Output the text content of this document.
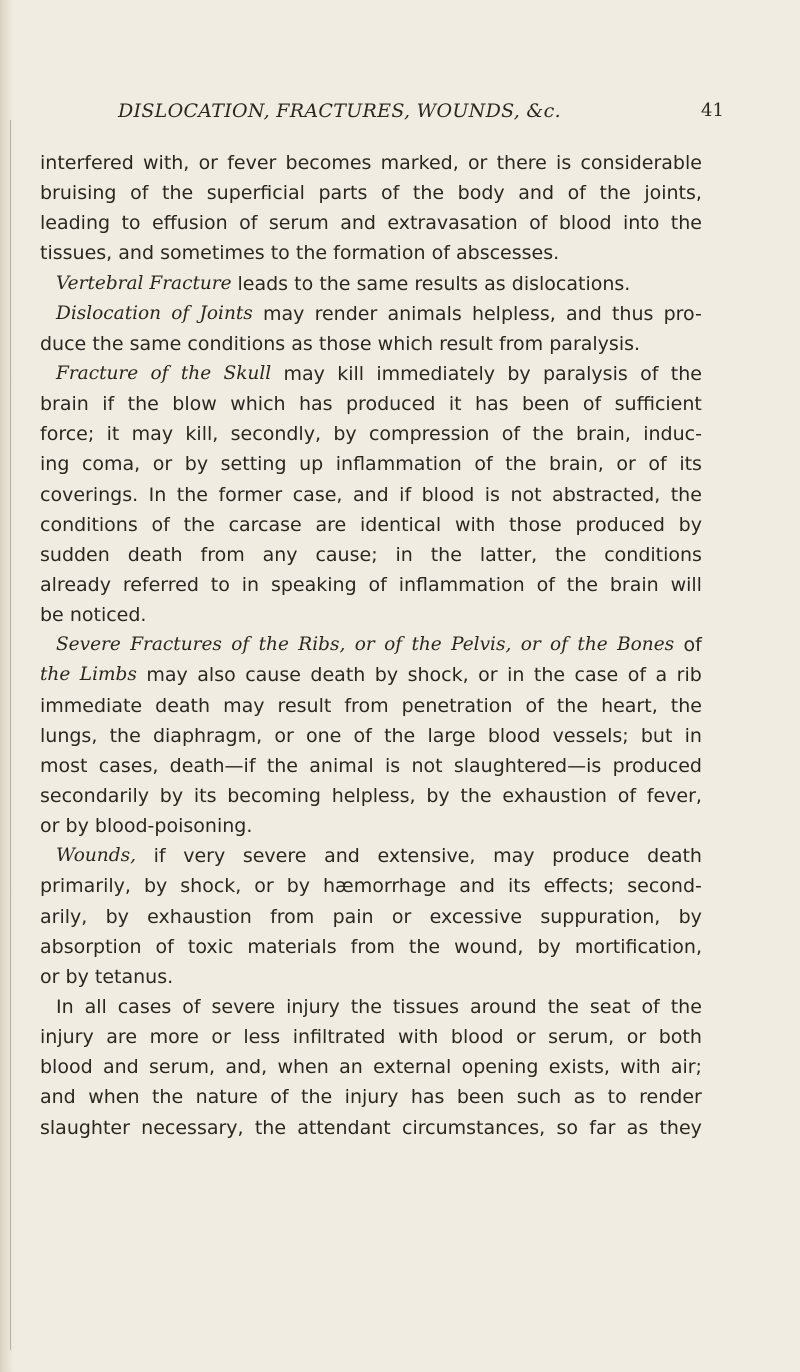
DISLOCATION, FRACTURES, WOUNDS, &c.	41
interfered with, or fever becomes marked, or there is considerable
bruising of the superficial parts of the body and of the joints,
leading to effusion of serum and extravasation of blood into the
tissues, and sometimes to the formation of abscesses.
Vertebral Fracture leads to the same results as dislocations.
Dislocation of Joints may render animals helpless, and thus pro-
duce the same conditions as those which result from paralysis.
Fracture of the Skull may kill immediately by paralysis of the
brain if the blow which has produced it has been of sufficient
force; it may kill, secondly, by compression of the brain, induc-
ing coma, or by setting up inflammation of the brain, or of its
coverings. In the former case, and if blood is not abstracted, the
conditions of the carcase are identical with those produced by
sudden death from any cause; in the latter, the conditions
already referred to in speaking of inflammation of the brain will
be noticed.
Severe Fractures of the Ribs, or of the Pelvis, or of the Bones of
the Limbs may also cause death by shock, or in the case of a rib
immediate death may result from penetration of the heart, the
lungs, the diaphragm, or one of the large blood vessels; but in
most cases, death—if the animal is not slaughtered—is produced
secondarily by its becoming helpless, by the exhaustion of fever,
or by blood-poisoning.
Wounds, if very severe and extensive, may produce death
primarily, by shock, or by hæmorrhage and its effects; second-
arily, by exhaustion from pain or excessive suppuration, by
absorption of toxic materials from the wound, by mortification,
or by tetanus.
In all cases of severe injury the tissues around the seat of the
injury are more or less infiltrated with blood or serum, or both
blood and serum, and, when an external opening exists, with air;
and when the nature of the injury has been such as to render
slaughter necessary, the attendant circumstances, so far as they
